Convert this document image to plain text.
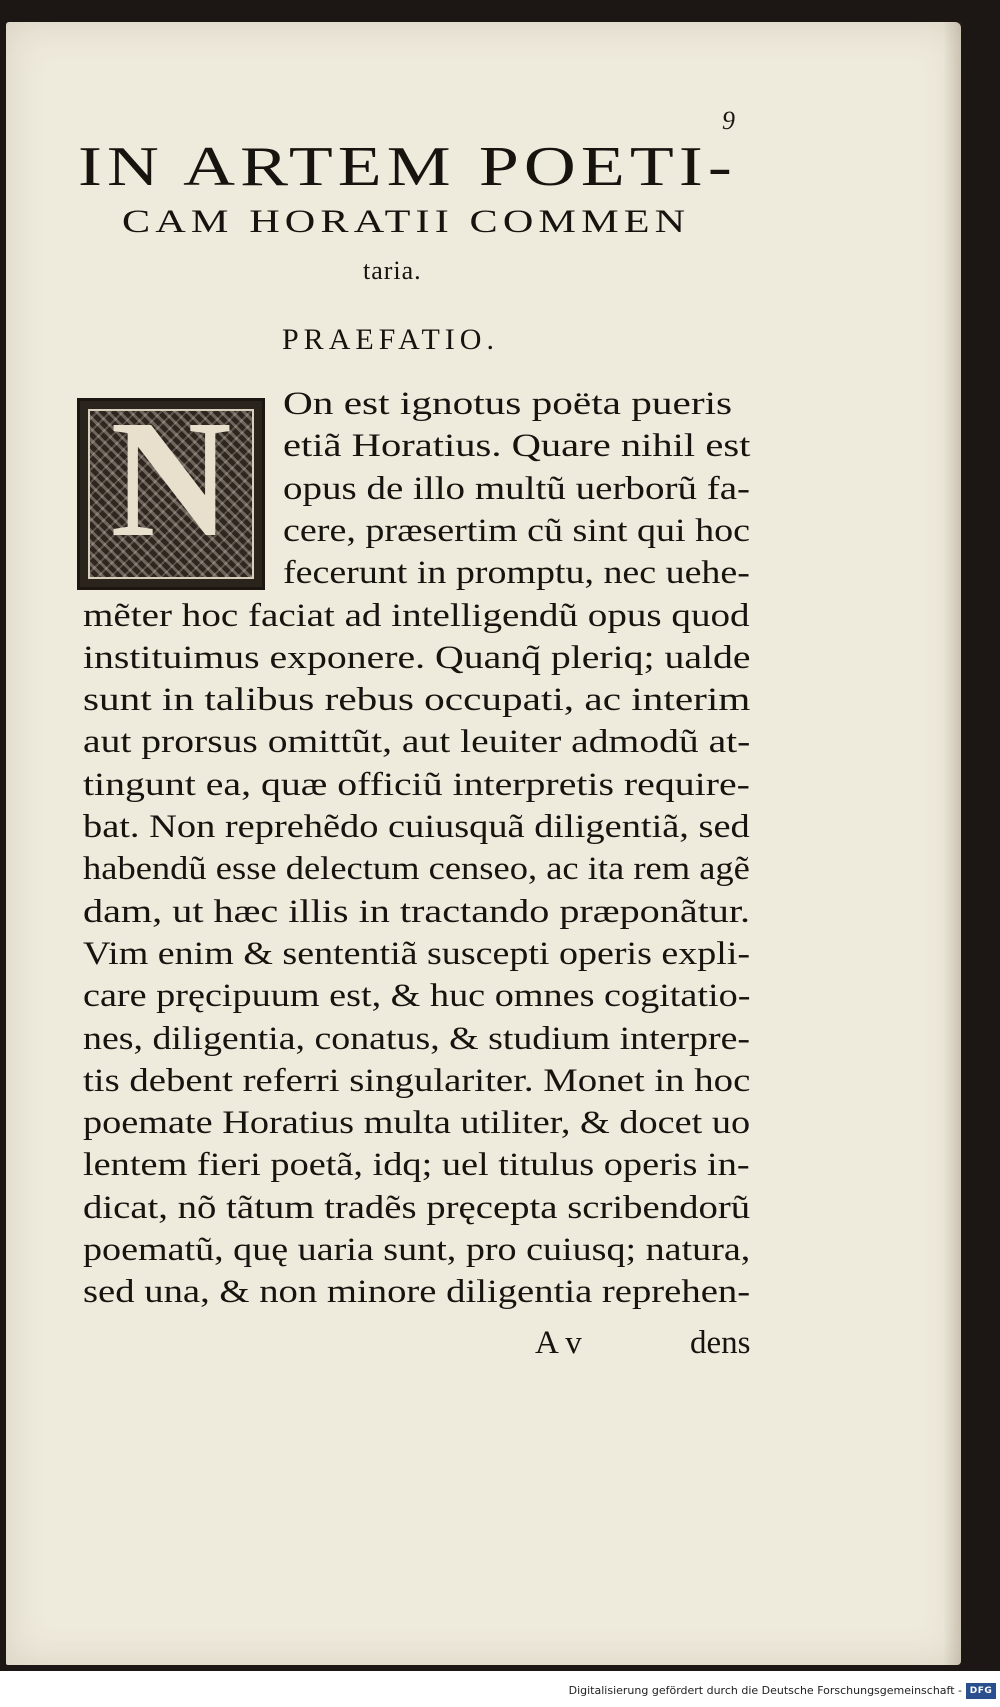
9
IN ARTEM POETI-
CAM HORATII COMMEN
taria.
PRAEFATIO.
N	On est ignotus poëta pueris
etiã Horatius. Quare nihil est
opus de illo multũ uerborũ fa-
cere, præsertim cũ sint qui hoc
fecerunt in promptu, nec uehe-
mẽter hoc faciat ad intelligendũ opus quod
instituimus exponere. Quanq̃ pleriq; ualde
sunt in talibus rebus occupati, ac interim
aut prorsus omittũt, aut leuiter admodũ at-
tingunt ea, quæ officiũ interpretis require-
bat. Non reprehẽdo cuiusquã diligentiã, sed
habendũ esse delectum censeo, ac ita rem agẽ
dam, ut hæc illis in tractando præponãtur.
Vim enim & sententiã suscepti operis expli-
care pręcipuum est, & huc omnes cogitatio-
nes, diligentia, conatus, & studium interpre-
tis debent referri singulariter. Monet in hoc
poemate Horatius multa utiliter, & docet uo
lentem fieri poetã, idq; uel titulus operis in-
dicat, nõ tãtum tradẽs pręcepta scribendorũ
poematũ, quę uaria sunt, pro cuiusq; natura,
sed una, & non minore diligentia reprehen-
A v	dens
Digitalisierung gefördert durch die Deutsche Forschungsgemeinschaft - DFG
